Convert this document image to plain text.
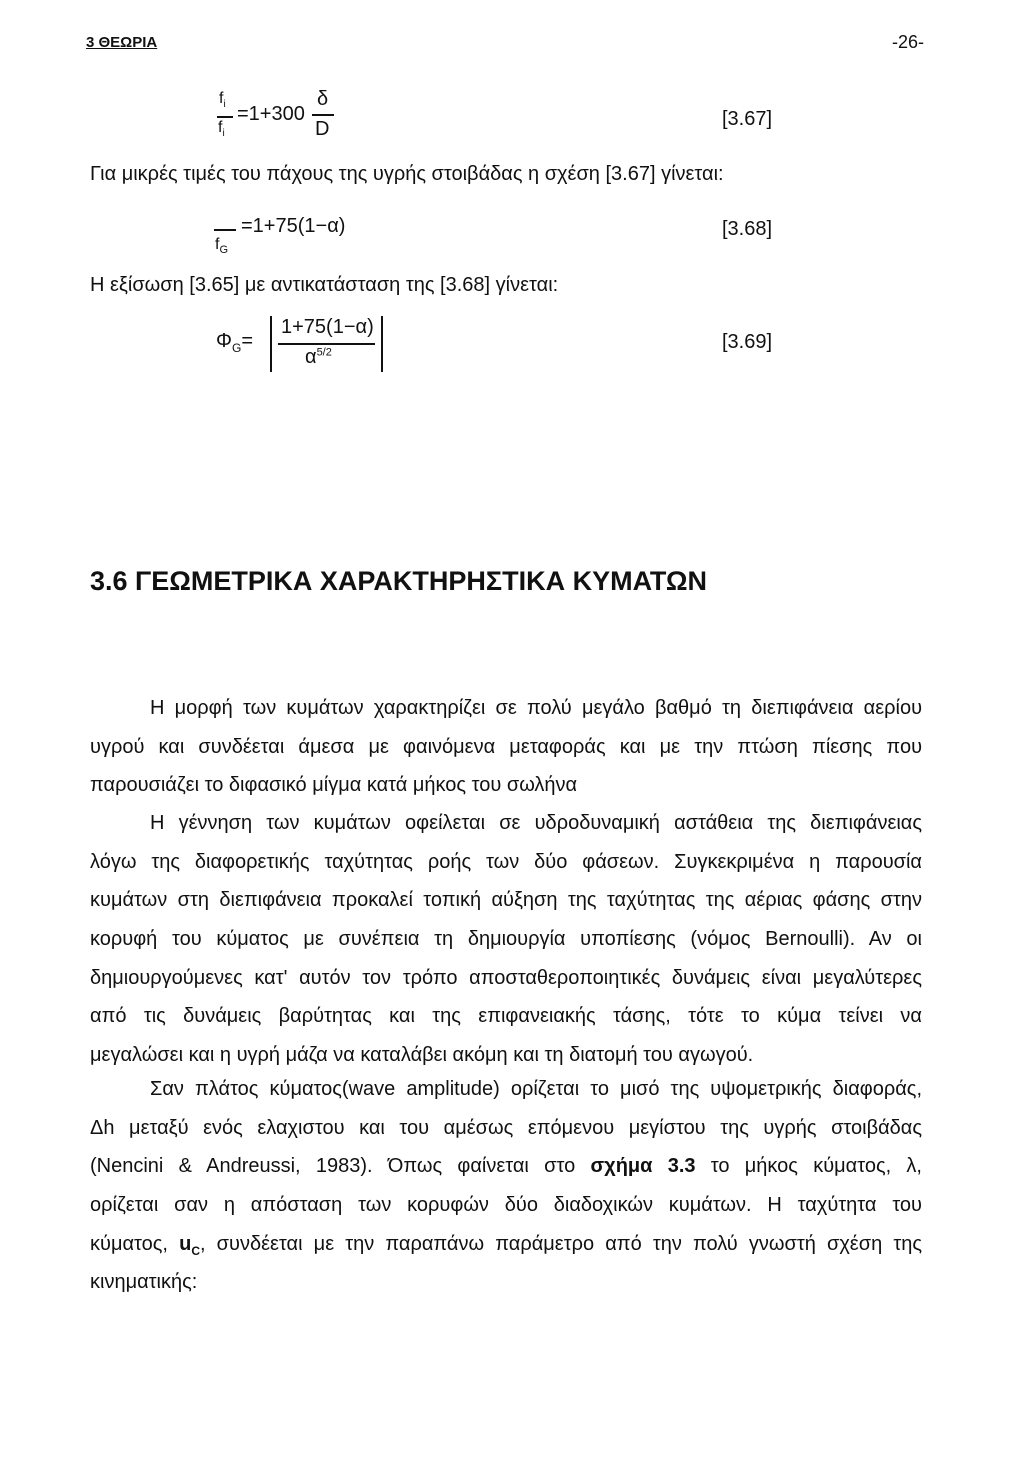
3 ΘΕΩΡΙΑ	-26-
$f_i$
$f_i$
=1+300
δ
D	[3.67]
Για μικρές τιμές του πάχους της υγρής στοιβάδας η σχέση [3.67] γίνεται:
$f_G$
=1+75(1−α)	[3.68]
Η εξίσωση [3.65] με αντικατάσταση της [3.68] γίνεται:
$\Phi_G=$
1+75(1−α)
$\alpha^{5/2}$	[3.69]
3.6 ΓΕΩΜΕΤΡΙΚΑ ΧΑΡΑΚΤΗΡΗΣΤΙΚΑ ΚΥΜΑΤΩΝ
Η μορφή των κυμάτων χαρακτηρίζει σε πολύ μεγάλο βαθμό τη διεπιφάνεια αερίου
υγρού και συνδέεται άμεσα με φαινόμενα μεταφοράς και με την πτώση πίεσης που
παρουσιάζει το διφασικό μίγμα κατά μήκος του σωλήνα
Η γέννηση των κυμάτων οφείλεται σε υδροδυναμική αστάθεια της διεπιφάνειας
λόγω της διαφορετικής ταχύτητας ροής των δύο φάσεων. Συγκεκριμένα η παρουσία
κυμάτων στη διεπιφάνεια προκαλεί τοπική αύξηση της ταχύτητας της αέριας φάσης στην
κορυφή του κύματος με συνέπεια τη δημιουργία υποπίεσης (νόμος Bernoulli). Αν οι
δημιουργούμενες κατ' αυτόν τον τρόπο αποσταθεροποιητικές δυνάμεις είναι μεγαλύτερες
από τις δυνάμεις βαρύτητας και της επιφανειακής τάσης, τότε το κύμα τείνει να
μεγαλώσει και η υγρή μάζα να καταλάβει ακόμη και τη διατομή του αγωγού.
Σαν πλάτος κύματος(wave amplitude) ορίζεται το μισό της υψομετρικής διαφοράς,
Δh μεταξύ ενός ελαχιστου και του αμέσως επόμενου μεγίστου της υγρής στοιβάδας
(Nencini & Andreussi, 1983). Όπως φαίνεται στο σχήμα 3.3 το μήκος κύματος, λ,
ορίζεται σαν η απόσταση των κορυφών δύο διαδοχικών κυμάτων. Η ταχύτητα του
κύματος, $u_C$, συνδέεται με την παραπάνω παράμετρο από την πολύ γνωστή σχέση της
κινηματικής:
